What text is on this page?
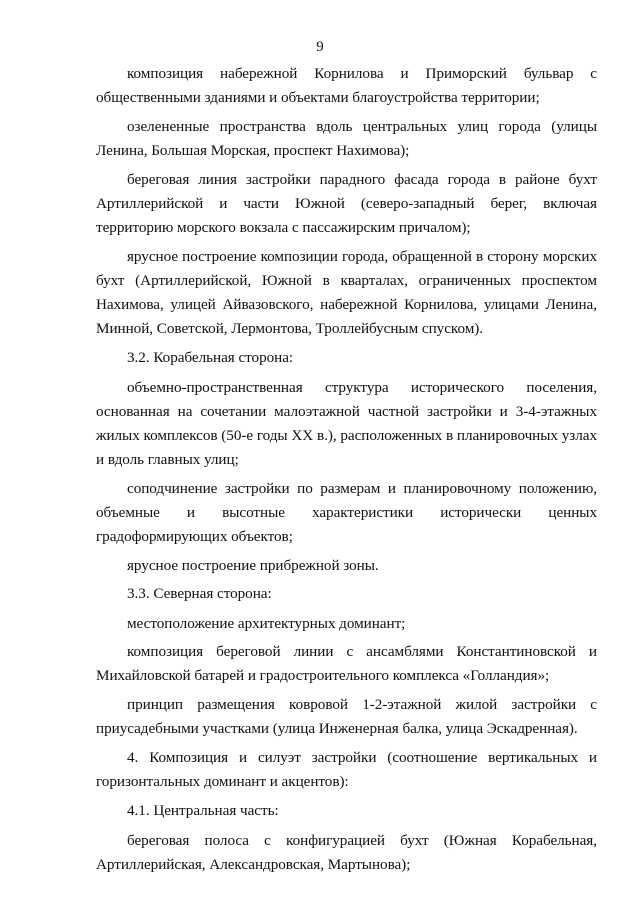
9

композиция набережной Корнилова и Приморский бульвар с общественными зданиями и объектами благоустройства территории;

озелененные пространства вдоль центральных улиц города (улицы Ленина, Большая Морская, проспект Нахимова);

береговая линия застройки парадного фасада города в районе бухт Артиллерийской и части Южной (северо-западный берег, включая территорию морского вокзала с пассажирским причалом);

ярусное построение композиции города, обращенной в сторону морских бухт (Артиллерийской, Южной в кварталах, ограниченных проспектом Нахимова, улицей Айвазовского, набережной Корнилова, улицами Ленина, Минной, Советской, Лермонтова, Троллейбусным спуском).

3.2. Корабельная сторона:

объемно-пространственная структура исторического поселения, основанная на сочетании малоэтажной частной застройки и 3-4-этажных жилых комплексов (50-е годы XX в.), расположенных в планировочных узлах и вдоль главных улиц;

соподчинение застройки по размерам и планировочному положению, объемные и высотные характеристики исторически ценных градоформирующих объектов;

ярусное построение прибрежной зоны.

3.3. Северная сторона:

местоположение архитектурных доминант;

композиция береговой линии с ансамблями Константиновской и Михайловской батарей и градостроительного комплекса «Голландия»;

принцип размещения ковровой 1-2-этажной жилой застройки с приусадебными участками (улица Инженерная балка, улица Эскадренная).

4. Композиция и силуэт застройки (соотношение вертикальных и горизонтальных доминант и акцентов):

4.1. Центральная часть:

береговая полоса с конфигурацией бухт (Южная Корабельная, Артиллерийская, Александровская, Мартынова);
